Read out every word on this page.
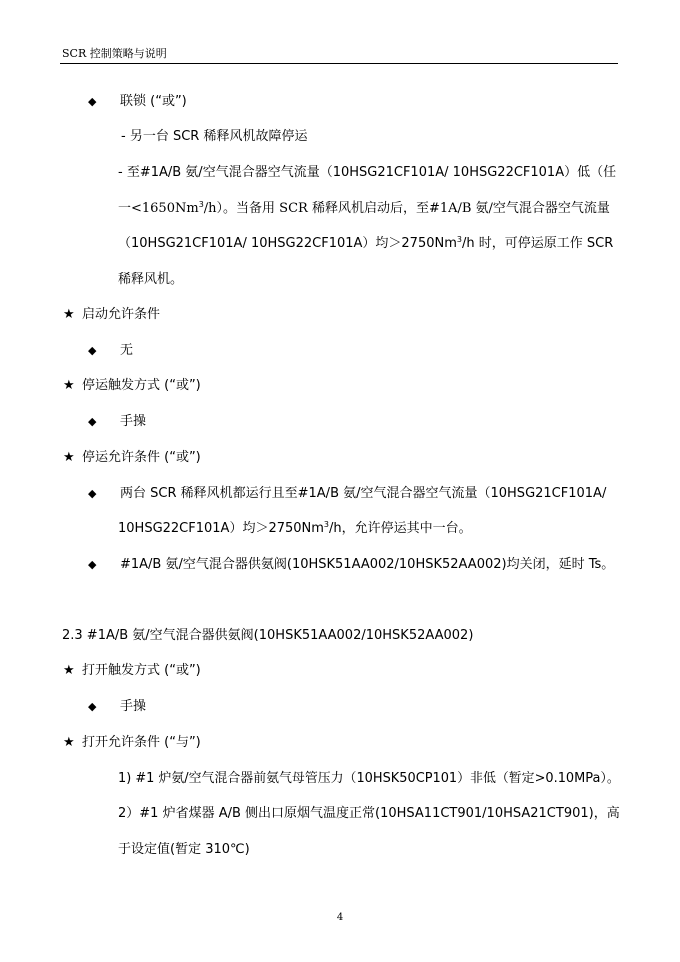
SCR 控制策略与说明
◆ 联锁 (“或”)
- 另一台 SCR 稀释风机故障停运
- 至#1A/B 氨/空气混合器空气流量（10HSG21CF101A/ 10HSG22CF101A）低（任
一$<1650Nm^3/h$）。当备用 SCR 稀释风机启动后，至#1A/B 氨/空气混合器空气流量
（10HSG21CF101A/ 10HSG22CF101A）均$>2750Nm^3/h$ 时，可停运原工作 SCR
稀释风机。
★ 启动允许条件
◆ 无
★ 停运触发方式 (“或”)
◆ 手操
★ 停运允许条件 (“或”)
◆ 两台 SCR 稀释风机都运行且至#1A/B 氨/空气混合器空气流量（10HSG21CF101A/
10HSG22CF101A）均$>2750Nm^3/h$，允许停运其中一台。
◆ #1A/B 氨/空气混合器供氨阀(10HSK51AA002/10HSK52AA002)均关闭，延时 Ts。
2.3 #1A/B 氨/空气混合器供氨阀(10HSK51AA002/10HSK52AA002)
★ 打开触发方式 (“或”)
◆ 手操
★ 打开允许条件 (“与”)
1) #1 炉氨/空气混合器前氨气母管压力（10HSK50CP101）非低（暂定>0.10MPa）。
2）#1 炉省煤器 A/B 侧出口原烟气温度正常(10HSA11CT901/10HSA21CT901)，高
于设定值(暂定 310℃)
4
